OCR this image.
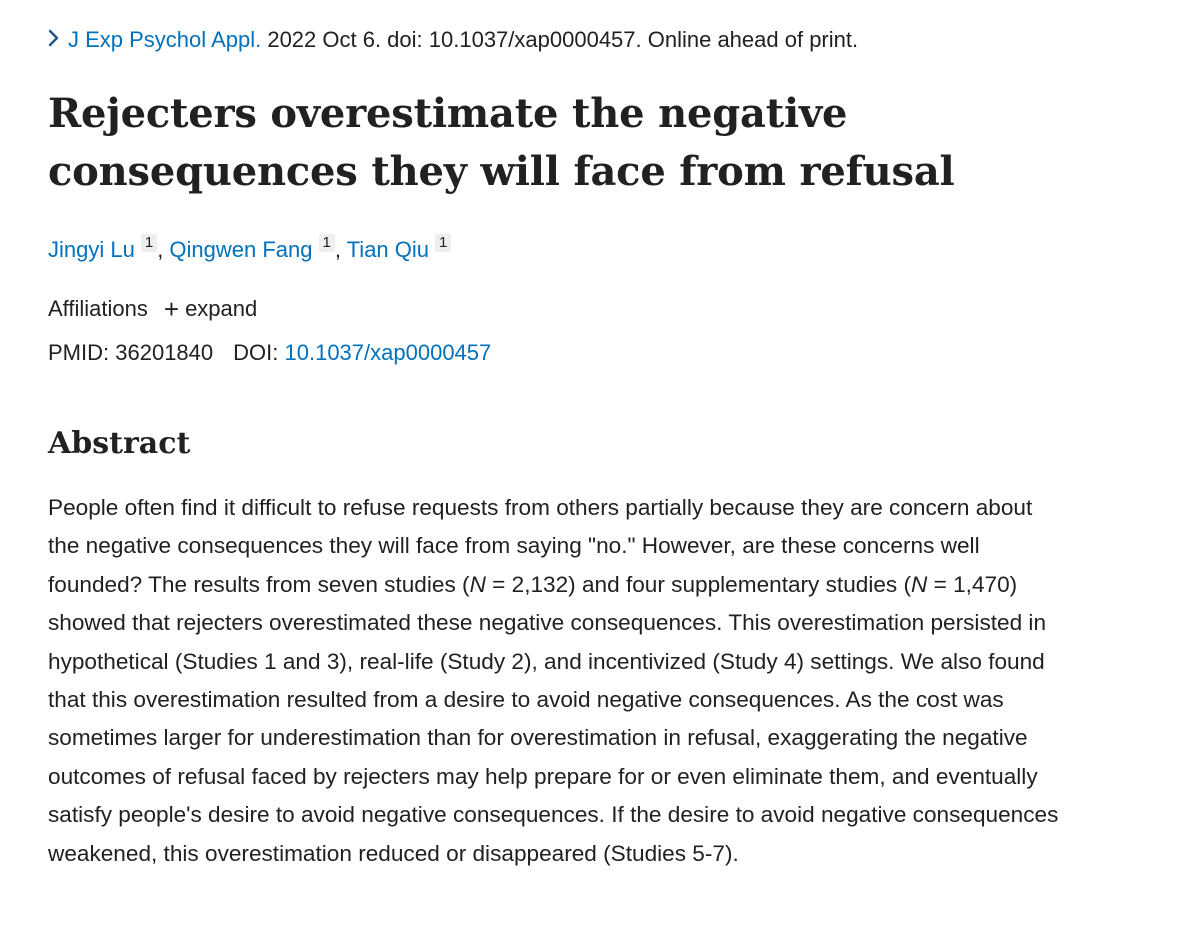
J Exp Psychol Appl. 2022 Oct 6. doi: 10.1037/xap0000457. Online ahead of print.
Rejecters overestimate the negative consequences they will face from refusal
Jingyi Lu 1 , Qingwen Fang 1 , Tian Qiu 1
Affiliations + expand
PMID: 36201840 DOI: 10.1037/xap0000457
Abstract

People often find it difficult to refuse requests from others partially because they are concern about
the negative consequences they will face from saying "no." However, are these concerns well
founded? The results from seven studies (N = 2,132) and four supplementary studies (N = 1,470)
showed that rejecters overestimated these negative consequences. This overestimation persisted in
hypothetical (Studies 1 and 3), real-life (Study 2), and incentivized (Study 4) settings. We also found
that this overestimation resulted from a desire to avoid negative consequences. As the cost was
sometimes larger for underestimation than for overestimation in refusal, exaggerating the negative
outcomes of refusal faced by rejecters may help prepare for or even eliminate them, and eventually
satisfy people's desire to avoid negative consequences. If the desire to avoid negative consequences
weakened, this overestimation reduced or disappeared (Studies 5-7).
